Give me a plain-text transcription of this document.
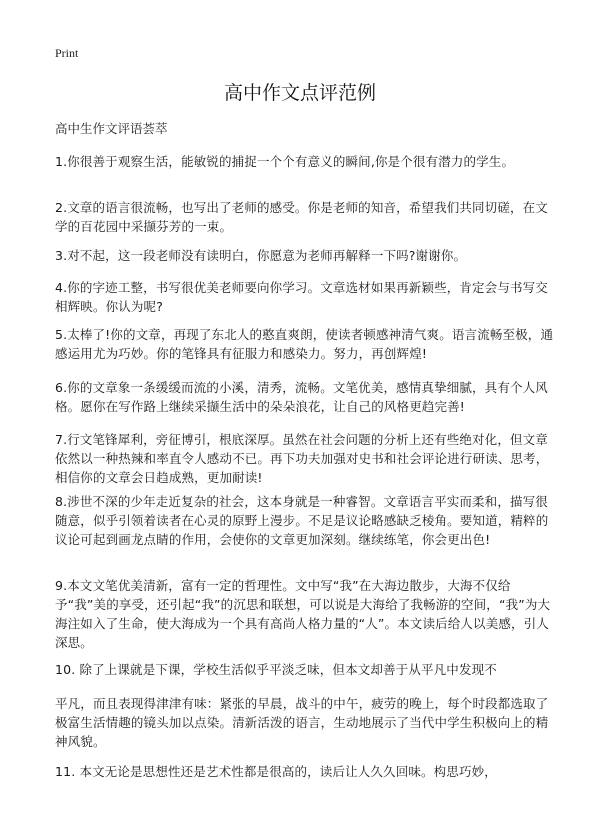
Print
高中作文点评范例
高中生作文评语荟萃

1.你很善于观察生活，能敏锐的捕捉一个个有意义的瞬间,你是个很有潜力的学生。

2.文章的语言很流畅，也写出了老师的感受。你是老师的知音，希望我们共同切磋，在文学的百花园中采撷芬芳的一束。

3.对不起，这一段老师没有读明白，你愿意为老师再解释一下吗?谢谢你。

4.你的字迹工整，书写很优美老师要向你学习。文章选材如果再新颖些，肯定会与书写交相辉映。你认为呢?

5.太棒了!你的文章，再现了东北人的憨直爽朗，使读者顿感神清气爽。语言流畅至极，通感运用尤为巧妙。你的笔锋具有征服力和感染力。努力，再创辉煌!

6.你的文章象一条缓缓而流的小溪，清秀，流畅。文笔优美，感情真挚细腻，具有个人风格。愿你在写作路上继续采撷生活中的朵朵浪花，让自己的风格更趋完善!

7.行文笔锋犀利，旁征博引，根底深厚。虽然在社会问题的分析上还有些绝对化，但文章依然以一种热辣和率直令人感动不已。再下功夫加强对史书和社会评论进行研读、思考，相信你的文章会日趋成熟，更加耐读!

8.涉世不深的少年走近复杂的社会，这本身就是一种睿智。文章语言平实而柔和，描写很随意，似乎引领着读者在心灵的原野上漫步。不足是议论略感缺乏棱角。要知道，精粹的议论可起到画龙点睛的作用，会使你的文章更加深刻。继续练笔，你会更出色!

9.本文文笔优美清新，富有一定的哲理性。文中写“我”在大海边散步，大海不仅给予“我”美的享受，还引起“我”的沉思和联想，可以说是大海给了我畅游的空间，“我”为大海注如入了生命，使大海成为一个具有高尚人格力量的“人”。本文读后给人以美感，引人深思。

10. 除了上课就是下课，学校生活似乎平淡乏味，但本文却善于从平凡中发现不

平凡，而且表现得津津有味：紧张的早晨，战斗的中午，疲劳的晚上，每个时段都选取了极富生活情趣的镜头加以点染。清新活泼的语言，生动地展示了当代中学生积极向上的精神风貌。

11. 本文无论是思想性还是艺术性都是很高的，读后让人久久回味。构思巧妙，
